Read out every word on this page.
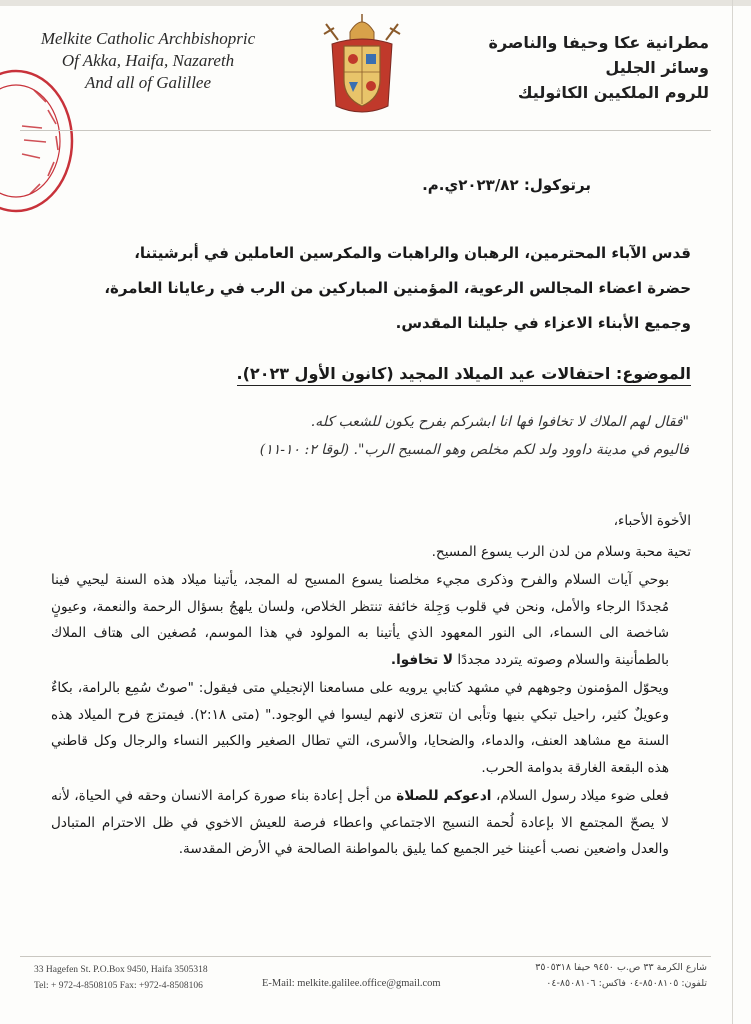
Melkite Catholic Archbishopric
Of Akka, Haifa, Nazareth
And all of Galillee
مطرانية عكا وحيفا والناصرة
وسائر الجليل
للروم الملكيين الكاثوليك
برتوكول: ٢٠٢٣/٨٢ي.م.
قدس الآباء المحترمين، الرهبان والراهبات والمكرسين العاملين في أبرشيتنا،
حضرة اعضاء المجالس الرعوية، المؤمنين المباركين من الرب في رعايانا العامرة،
وجميع الأبناء الاعزاء في جليلنا المقدس.
الموضوع: احتفالات عيد الميلاد المجيد (كانون الأول ٢٠٢٣).
"فقال لهم الملاك لا تخافوا فها انا ابشركم بفرح يكون للشعب كله.
فاليوم في مدينة داوود ولد لكم مخلص وهو المسيح الرب". (لوقا ٢: ١٠-١١)

الأخوة الأحباء،

تحية محبة وسلام من لدن الرب يسوع المسيح.

بوحي آيات السلام والفرح وذكرى مجيء مخلصنا يسوع المسيح له المجد، يأتينا ميلاد هذه السنة ليحيي فينا مُجددًا الرجاء والأمل، ونحن في قلوب وَجِلة خائفة تنتظر الخلاص، ولسان يلهجُ بسؤال الرحمة والنعمة، وعيونٍ شاخصة الى السماء، الى النور المعهود الذي يأتينا به المولود في هذا الموسم، مُصغين الى هتاف الملاك بالطمأنينة والسلام وصوته يتردد مجددًا لا تخافوا.

ويحوّل المؤمنون وجوههم في مشهد كتابي يرويه على مسامعنا الإنجيلي متى فيقول: "صوتٌ سُمِع بالرامة، بكاءٌ وعويلٌ كثير، راحيل تبكي بنيها وتأبى ان تتعزى لانهم ليسوا في الوجود." (متى ٢:١٨). فيمتزج فرح الميلاد هذه السنة مع مشاهد العنف، والدماء، والضحايا، والأسرى، التي تطال الصغير والكبير النساء والرجال وكل قاطني هذه البقعة الغارقة بدوامة الحرب.

فعلى ضوء ميلاد رسول السلام، ادعوكم للصلاة من أجل إعادة بناء صورة كرامة الانسان وحقه في الحياة، لأنه لا يصحّ المجتمع الا بإعادة لُحمة النسيج الاجتماعي واعطاء فرصة للعيش الاخوي في ظل الاحترام المتبادل والعدل واضعين نصب أعيننا خير الجميع كما يليق بالمواطنة الصالحة في الأرض المقدسة.

33 Hagefen St. P.O.Box 9450, Haifa 3505318
Tel: + 972-4-8508105 Fax: +972-4-8508106	E-Mail: melkite.galilee.office@gmail.com
شارع الكرمة ٣٣ ص.ب ٩٤٥٠ حيفا ٣٥٠٥٣١٨
تلفون: ٨٥٠٨١٠٥-٠٤ فاكس: ٨٥٠٨١٠٦-٠٤
